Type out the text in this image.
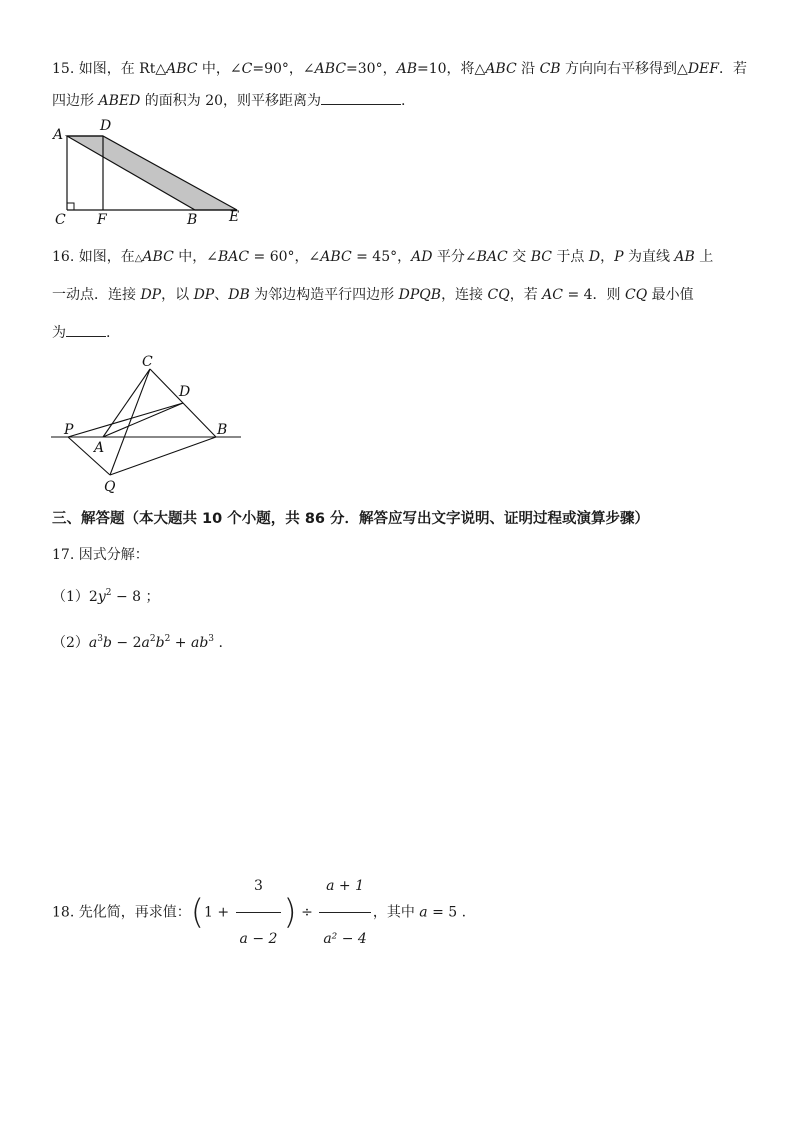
15. 如图，在 Rt△ABC 中，∠C=90°，∠ABC=30°，AB=10，将△ABC 沿 CB 方向向右平移得到△DEF．若
四边形 ABED 的面积为 20，则平移距离为	.
A
D
C F	B E
16. 如图，在△ABC 中，∠BAC = 60°，∠ABC = 45°，AD 平分∠BAC 交 BC 于点 D，P 为直线 AB 上
一动点．连接 DP，以 DP、DB 为邻边构造平行四边形 DPQB，连接 CQ，若 AC = 4．则 CQ 最小值
为	.
C
D
P
A
B
Q
三、解答题（本大题共 10 个小题，共 86 分．解答应写出文字说明、证明过程或演算步骤）
17. 因式分解：
$(1)2y^2 - 8$ ；
$(2)a^3b - 2a^2b^2 + ab^3$ .
18. 先化简，再求值：($1 + \frac{3}{a - 2}$ ) ÷ $\frac{a + 1}{\text{a² − 4}}$ ，其中 a = 5 .
